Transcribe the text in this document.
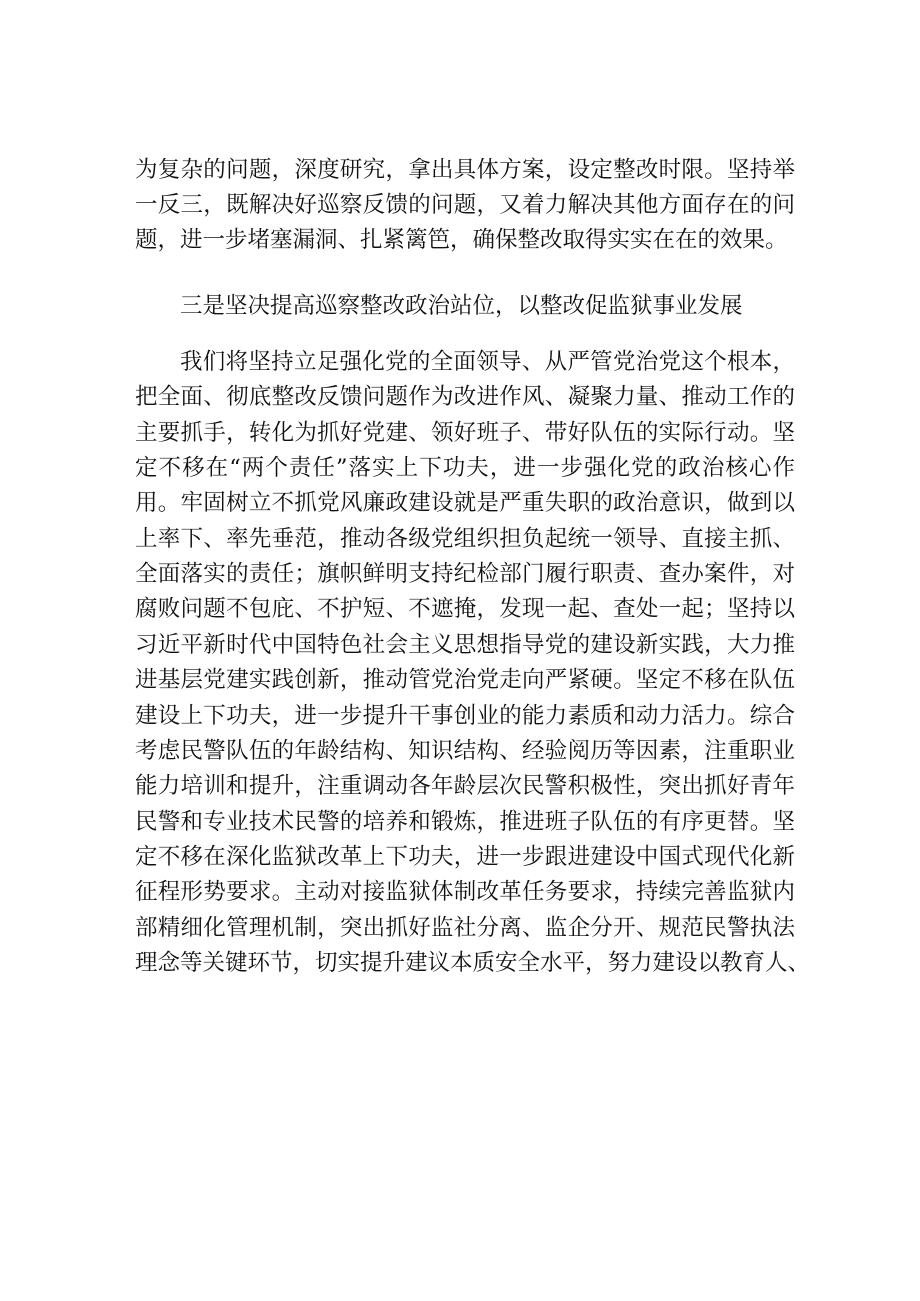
为复杂的问题，深度研究，拿出具体方案，设定整改时限。坚持举
一反三，既解决好巡察反馈的问题，又着力解决其他方面存在的问
题，进一步堵塞漏洞、扎紧篱笆，确保整改取得实实在在的效果。
三是坚决提高巡察整改政治站位，以整改促监狱事业发展
我们将坚持立足强化党的全面领导、从严管党治党这个根本，
把全面、彻底整改反馈问题作为改进作风、凝聚力量、推动工作的
主要抓手，转化为抓好党建、领好班子、带好队伍的实际行动。坚
定不移在“两个责任”落实上下功夫，进一步强化党的政治核心作
用。牢固树立不抓党风廉政建设就是严重失职的政治意识，做到以
上率下、率先垂范，推动各级党组织担负起统一领导、直接主抓、
全面落实的责任；旗帜鲜明支持纪检部门履行职责、查办案件，对
腐败问题不包庇、不护短、不遮掩，发现一起、查处一起；坚持以
习近平新时代中国特色社会主义思想指导党的建设新实践，大力推
进基层党建实践创新，推动管党治党走向严紧硬。坚定不移在队伍
建设上下功夫，进一步提升干事创业的能力素质和动力活力。综合
考虑民警队伍的年龄结构、知识结构、经验阅历等因素，注重职业
能力培训和提升，注重调动各年龄层次民警积极性，突出抓好青年
民警和专业技术民警的培养和锻炼，推进班子队伍的有序更替。坚
定不移在深化监狱改革上下功夫，进一步跟进建设中国式现代化新
征程形势要求。主动对接监狱体制改革任务要求，持续完善监狱内
部精细化管理机制，突出抓好监社分离、监企分开、规范民警执法
理念等关键环节，切实提升建议本质安全水平，努力建设以教育人、
